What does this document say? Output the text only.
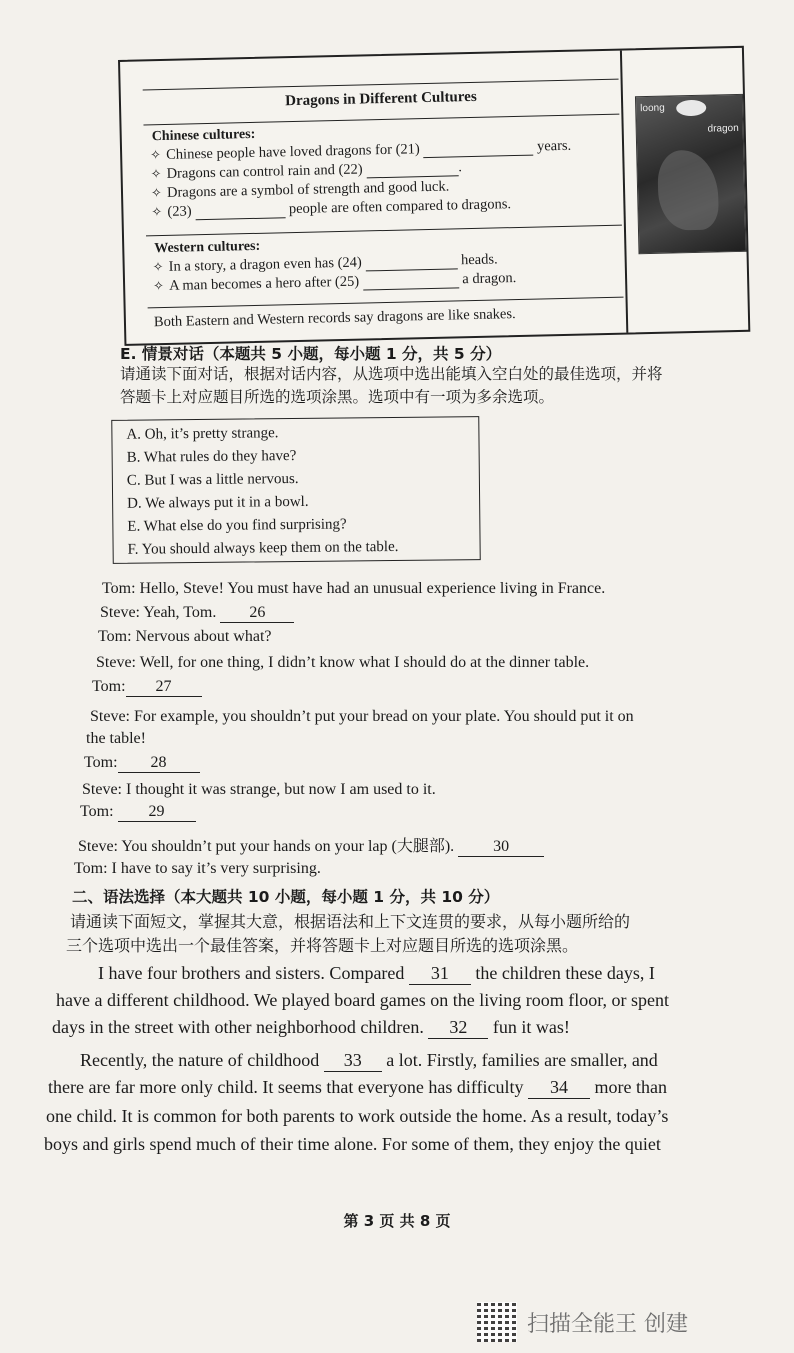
Dragons in Different Cultures
Chinese cultures:
✧ Chinese people have loved dragons for (21)	years.
✧ Dragons can control rain and (22)	.
✧ Dragons are a symbol of strength and good luck.
✧ (23)	people are often compared to dragons.
Western cultures:
✧ In a story, a dragon even has (24)	heads.
✧ A man becomes a hero after (25)	a dragon.
Both Eastern and Western records say dragons are like snakes.
loong
dragon
E. 情景对话（本题共 5 小题，每小题 1 分，共 5 分）
请通读下面对话，根据对话内容，从选项中选出能填入空白处的最佳选项，并将
答题卡上对应题目所选的选项涂黑。选项中有一项为多余选项。
A. Oh, it’s pretty strange.
B. What rules do they have?
C. But I was a little nervous.
D. We always put it in a bowl.
E. What else do you find surprising?
F. You should always keep them on the table.
Tom: Hello, Steve! You must have had an unusual experience living in France.
Steve: Yeah, Tom. 26
Tom: Nervous about what?
Steve: Well, for one thing, I didn’t know what I should do at the dinner table.
Tom: 27
Steve: For example, you shouldn’t put your bread on your plate. You should put it on
the table!
Tom: 28
Steve: I thought it was strange, but now I am used to it.
Tom: 29
Steve: You shouldn’t put your hands on your lap (大腿部). 30
Tom: I have to say it’s very surprising.
二、语法选择（本大题共 10 小题，每小题 1 分，共 10 分）
请通读下面短文，掌握其大意，根据语法和上下文连贯的要求，从每小题所给的
三个选项中选出一个最佳答案，并将答题卡上对应题目所选的选项涂黑。
I have four brothers and sisters. Compared 31 the children these days, I
have a different childhood. We played board games on the living room floor, or spent
days in the street with other neighborhood children. 32 fun it was!
Recently, the nature of childhood 33 a lot. Firstly, families are smaller, and
there are far more only child. It seems that everyone has difficulty 34 more than
one child. It is common for both parents to work outside the home. As a result, today’s
boys and girls spend much of their time alone. For some of them, they enjoy the quiet
第 3 页 共 8 页
扫描全能王 创建
